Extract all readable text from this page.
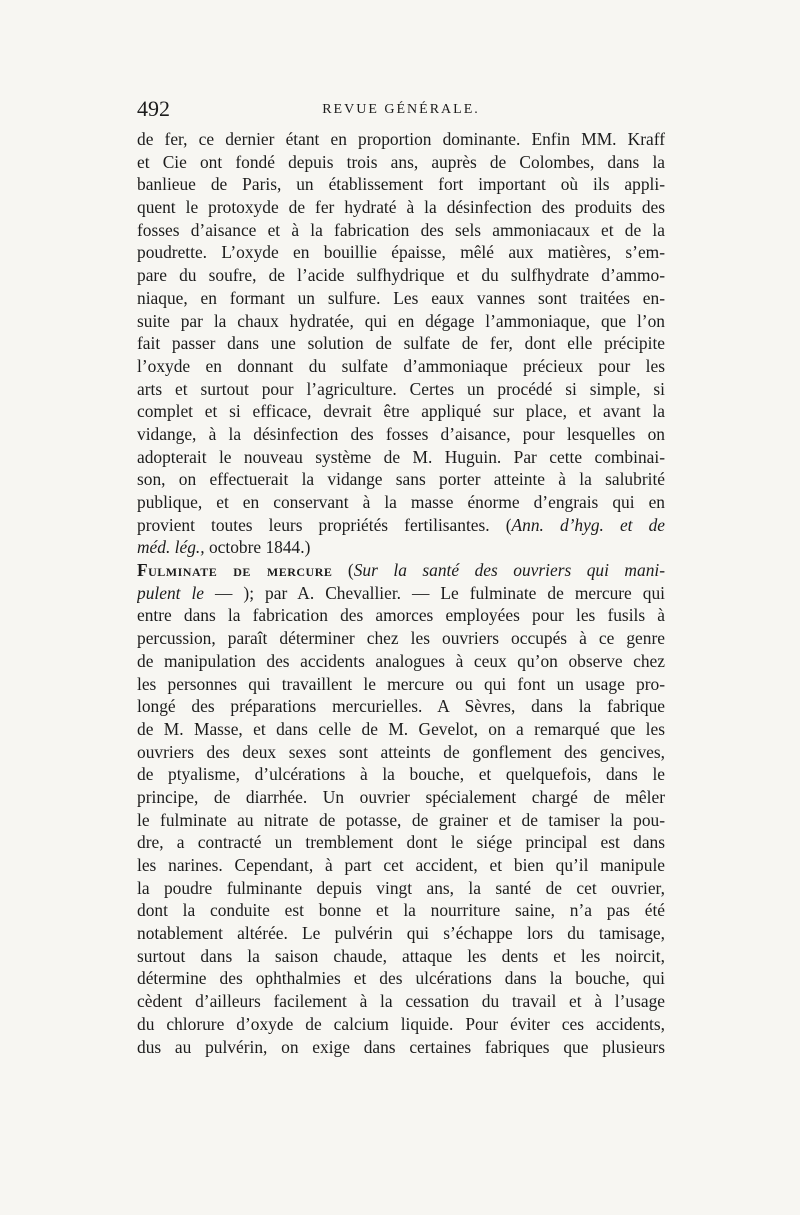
492	REVUE GÉNÉRALE.
de fer, ce dernier étant en proportion dominante. Enfin MM. Kraff
et Cie ont fondé depuis trois ans, auprès de Colombes, dans la
banlieue de Paris, un établissement fort important où ils appli-
quent le protoxyde de fer hydraté à la désinfection des produits des
fosses d’aisance et à la fabrication des sels ammoniacaux et de la
poudrette. L’oxyde en bouillie épaisse, mêlé aux matières, s’em-
pare du soufre, de l’acide sulfhydrique et du sulfhydrate d’ammo-
niaque, en formant un sulfure. Les eaux vannes sont traitées en-
suite par la chaux hydratée, qui en dégage l’ammoniaque, que l’on
fait passer dans une solution de sulfate de fer, dont elle précipite
l’oxyde en donnant du sulfate d’ammoniaque précieux pour les
arts et surtout pour l’agriculture. Certes un procédé si simple, si
complet et si efficace, devrait être appliqué sur place, et avant la
vidange, à la désinfection des fosses d’aisance, pour lesquelles on
adopterait le nouveau système de M. Huguin. Par cette combinai-
son, on effectuerait la vidange sans porter atteinte à la salubrité
publique, et en conservant à la masse énorme d’engrais qui en
provient toutes leurs propriétés fertilisantes. (Ann. d’hyg. et de
méd. lég., octobre 1844.)
Fulminate de mercure (Sur la santé des ouvriers qui mani-
pulent le — ); par A. Chevallier. — Le fulminate de mercure qui
entre dans la fabrication des amorces employées pour les fusils à
percussion, paraît déterminer chez les ouvriers occupés à ce genre
de manipulation des accidents analogues à ceux qu’on observe chez
les personnes qui travaillent le mercure ou qui font un usage pro-
longé des préparations mercurielles. A Sèvres, dans la fabrique
de M. Masse, et dans celle de M. Gevelot, on a remarqué que les
ouvriers des deux sexes sont atteints de gonflement des gencives,
de ptyalisme, d’ulcérations à la bouche, et quelquefois, dans le
principe, de diarrhée. Un ouvrier spécialement chargé de mêler
le fulminate au nitrate de potasse, de grainer et de tamiser la pou-
dre, a contracté un tremblement dont le siége principal est dans
les narines. Cependant, à part cet accident, et bien qu’il manipule
la poudre fulminante depuis vingt ans, la santé de cet ouvrier,
dont la conduite est bonne et la nourriture saine, n’a pas été
notablement altérée. Le pulvérin qui s’échappe lors du tamisage,
surtout dans la saison chaude, attaque les dents et les noircit,
détermine des ophthalmies et des ulcérations dans la bouche, qui
cèdent d’ailleurs facilement à la cessation du travail et à l’usage
du chlorure d’oxyde de calcium liquide. Pour éviter ces accidents,
dus au pulvérin, on exige dans certaines fabriques que plusieurs
